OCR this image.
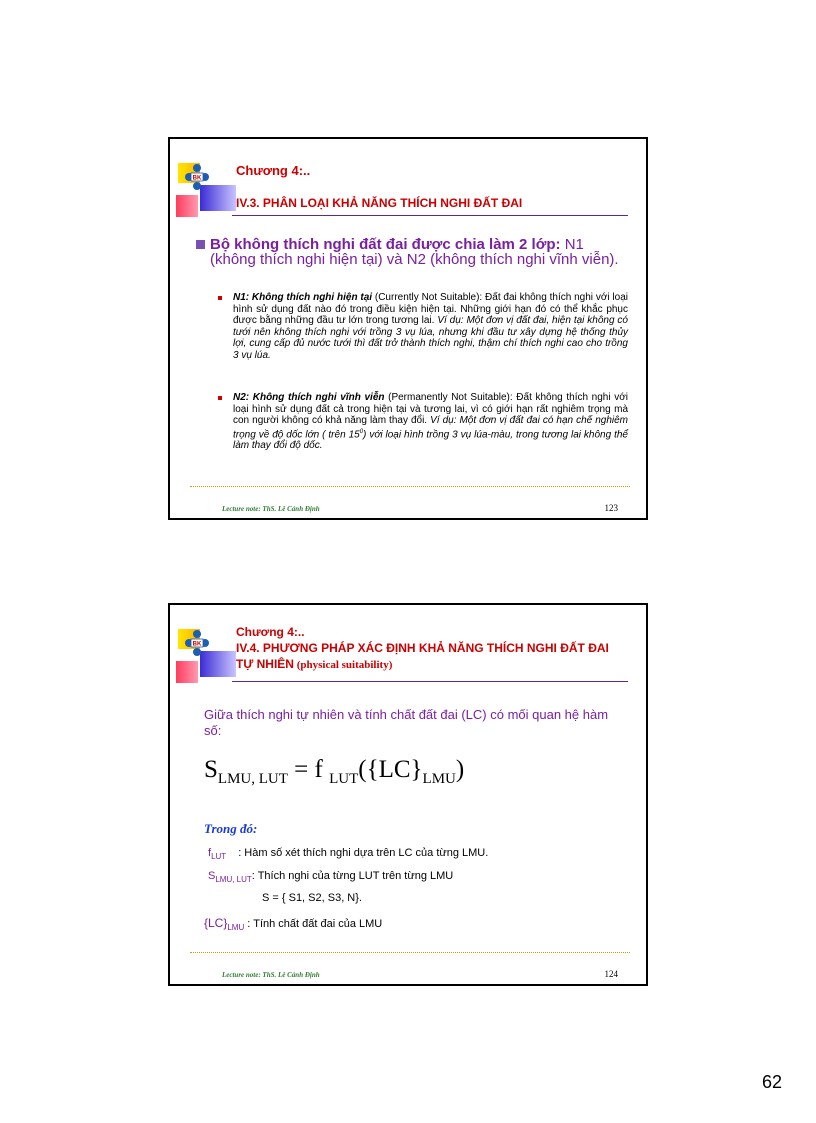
BK
Chương 4:..
IV.3. PHÂN LOẠI KHẢ NĂNG THÍCH NGHI ĐẤT ĐAI
Bộ không thích nghi đất đai được chia làm 2 lớp: N1 (không thích nghi hiện tại) và N2 (không thích nghi vĩnh viễn).
N1: Không thích nghi hiện tại (Currently Not Suitable): Đất đai không thích nghi với loại hình sử dụng đất nào đó trong điều kiện hiện tại. Những giới hạn đó có thể khắc phục được bằng những đầu tư lớn trong tương lai. Ví dụ: Một đơn vị đất đai, hiện tại không có tưới nên không thích nghi với trồng 3 vụ lúa, nhưng khi đầu tư xây dựng hệ thống thủy lợi, cung cấp đủ nước tưới thì đất trở thành thích nghi, thậm chí thích nghi cao cho trồng 3 vụ lúa.
N2: Không thích nghi vĩnh viễn (Permanently Not Suitable): Đất không thích nghi với loại hình sử dụng đất cả trong hiện tại và tương lai, vì có giới hạn rất nghiêm trọng mà con người không có khả năng làm thay đổi. Ví dụ: Một đơn vị đất đai có hạn chế nghiêm trọng về độ dốc lớn ( trên $15^0$) với loại hình trồng 3 vụ lúa-màu, trong tương lai không thể làm thay đổi độ dốc.
Lecture note: ThS. Lê Cảnh Định	123
BK
Chương 4:..
IV.4. PHƯƠNG PHÁP XÁC ĐỊNH KHẢ NĂNG THÍCH NGHI ĐẤT ĐAI
TỰ NHIÊN (physical suitability)
Giữa thích nghi tự nhiên và tính chất đất đai (LC) có mối quan hệ hàm số:
$S_{LMU, LUT} = f$ $_{LUT}(\{LC\}_{LMU})$
Trong đó:
$f_{LUT}$ : Hàm số xét thích nghi dựa trên LC của từng LMU.
$S_{LMU, LUT}$: Thích nghi của từng LUT trên từng LMU
S = { S1, S2, S3, N}.
$\{LC\}_{LMU}$ : Tính chất đất đai của LMU
Lecture note: ThS. Lê Cảnh Định	124
62
